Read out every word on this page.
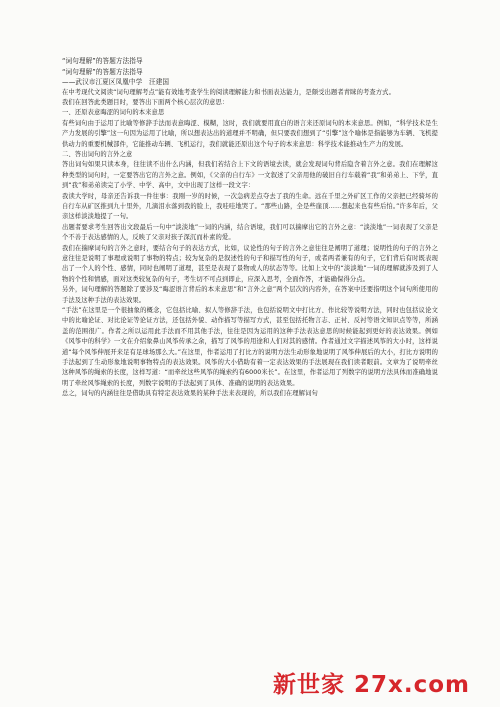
“词句理解”的答题方法指导

“词句理解”的答题方法指导

——武汉市江夏区凤凰中学　汪建国

在中考现代文阅读“词句理解考点”能有效地考查学生的阅读理解能力和书面表达能力，是颇受出题者青睐的考查方式。

我们在回答此类题目时，要答出下面两个核心层次的意思：

一、还原表意晦涩的词句的本来意思

有些词句由于运用了比喻等修辞手法而表意晦涩、模糊，这时，我们就要用直白的语言来还原词句的本来意思。例如，“科学技术是生产力发展的引擎”这一句因为运用了比喻，所以想表达出的道理并不明确，但只要我们想到了“引擎”这个喻体是指能够为车辆、飞机提供动力的重要机械部件，它能推动车辆、飞机运行，我们就能还原出这个句子的本来意思：科学技术能推动生产力的发展。

二、答出词句的言外之意

答出词句如果只读本身，往往读不出什么内涵，但我们若结合上下文的语境去读，就会发现词句背后隐含着言外之意。我们在理解这种类型的词句时，一定要答出它的言外之意。例如，《父亲的自行车》一文叙述了父亲用他的破旧自行车载着“我”和弟弟上、下学，直到“我”和弟弟读完了小学、中学、高中，文中出现了这样一段文字：

我读大学时，母亲还告诉我一件往事：我刚一岁的时候，一次急病差点夺去了我的生命。远在千里之外矿区工作的父亲把已经骑坏的自行车从矿区推到九十里外，几滴泪水落到我的脸上，我哇哇地哭了。“那些山路，全是些崖顶……想起来也有些后怕。”许多年后，父亲这样淡淡地提了一句。

出题者要求考生回答出文段最后一句中“淡淡地”一词的内涵，结合语境，我们可以揣摩出它的言外之意：“淡淡地”一词表现了父亲是个不善于表达感情的人，反映了父亲对孩子深沉而朴素的爱。

我们在揣摩词句的言外之意时，要结合句子的表达方式，比如，议论性的句子的言外之意往往是阐明了道理；说明性的句子的言外之意往往是说明了事理或说明了事物的特点；较为复杂的是叙述性的句子和描写性的句子，或者两者兼有的句子，它们背后有时既表现出了一个人的个性、感情，同时也阐明了道理，甚至是表现了景物或人的状态等等。比如上文中的“淡淡地”一词的理解就涉及到了人物的个性和情感，面对这类较复杂的句子，考生切不可点到即止，应深入思考，全面作答，才能确保得分点。

另外，词句理解的答题除了要涉及“晦涩语言背后的本来意思”和“言外之意”两个层次的内容外，在答案中还要指明这个词句所使用的手法及这种手法的表达效果。

“手法”在这里是一个很抽象的概念，它包括比喻、拟人等修辞手法，也包括说明文中打比方、作比较等说明方法，同时也包括议论文中的比喻论证、对比论证等论证方法，还包括外貌、动作描写等描写方式，甚至包括托物言志、正衬、反衬等语文知识点等等，所涵盖的范围很广。作者之所以运用此手法而不用其他手法，往往是因为运用的这种手法表达意思的时候能起到更好的表达效果。例如《风筝中的科学》一文在介绍象鼻山风筝传承之余，描写了风筝的用途和人们对其的感情。作者通过文字描述风筝的大小时，这样说道“每个风筝伸展开来足有足球场那么大。”在这里，作者运用了打比方的说明方法生动形象地说明了风筝伸展后的大小，打比方说明的手法起到了生动形象地说明事物特点的表达效果。风筝的大小借助有着一定表达效果的手法展现在我们读者眼前。文章为了说明牵丝这种风筝的绳索的长度，这样写道：“而牵丝这些风筝的绳索约有6000米长”。在这里，作者运用了列数字的说明方法具体而准确地说明了牵丝风筝绳索的长度，列数字说明的手法起到了具体、准确的说明的表达效果。

总之，词句的内涵往往是借助具有特定表达效果的某种手法来表现的，所以我们在理解词句

新世家 27x.com
